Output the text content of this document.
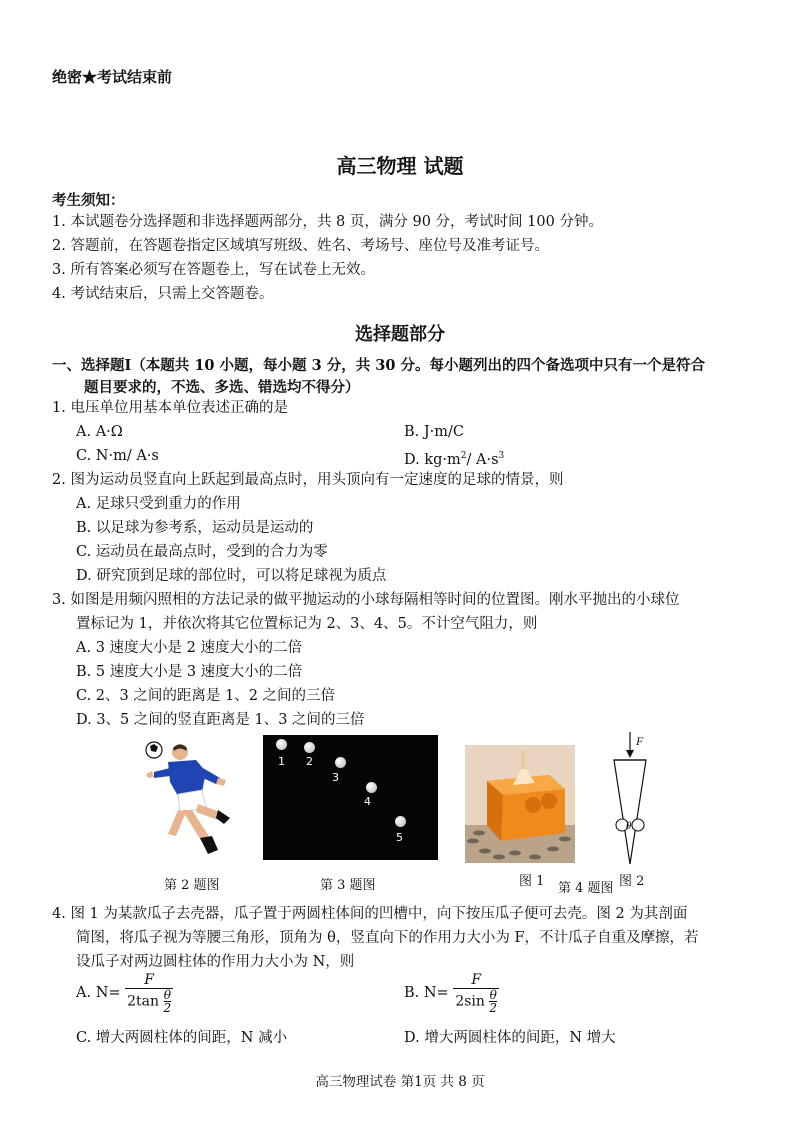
绝密★考试结束前
高三物理 试题
考生须知：
1. 本试题卷分选择题和非选择题两部分，共 8 页，满分 90 分，考试时间 100 分钟。
2. 答题前，在答题卷指定区域填写班级、姓名、考场号、座位号及准考证号。
3. 所有答案必须写在答题卷上，写在试卷上无效。
4. 考试结束后，只需上交答题卷。
选择题部分
一、选择题Ⅰ（本题共 10 小题，每小题 3 分，共 30 分。每小题列出的四个备选项中只有一个是符合
题目要求的，不选、多选、错选均不得分）
1. 电压单位用基本单位表述正确的是
A. A·Ω	B. J·m/C
C. N·m/ A·s	D. $kg\cdot m^2/$ $A\cdot s^3$
2. 图为运动员竖直向上跃起到最高点时，用头顶向有一定速度的足球的情景，则
A. 足球只受到重力的作用
B. 以足球为参考系，运动员是运动的
C. 运动员在最高点时，受到的合力为零
D. 研究顶到足球的部位时，可以将足球视为质点
3. 如图是用频闪照相的方法记录的做平抛运动的小球每隔相等时间的位置图。刚水平抛出的小球位
置标记为 1，并依次将其它位置标记为 2、3、4、5。不计空气阻力，则
A. 3 速度大小是 2 速度大小的二倍
B. 5 速度大小是 3 速度大小的二倍
C. 2、3 之间的距离是 1、2 之间的三倍
D. 3、5 之间的竖直距离是 1、3 之间的三倍
第 2 题图
1 2
3
4
5
第 3 题图	图 1 第 4 题图 图 2
F
θ
4. 图 1 为某款瓜子去壳器，瓜子置于两圆柱体间的凹槽中，向下按压瓜子便可去壳。图 2 为其剖面
简图，将瓜子视为等腰三角形，顶角为 θ，竖直向下的作用力大小为 F，不计瓜子自重及摩擦，若
设瓜子对两边圆柱体的作用力大小为 N，则
A. $N= \frac{F}{2\tan \frac{\theta}{2}}$	B. $N= \frac{F}{2\sin \frac{\theta}{2}}$
C. 增大两圆柱体的间距，N 减小	D. 增大两圆柱体的间距，N 增大
高三物理试卷 第1页 共 8 页
